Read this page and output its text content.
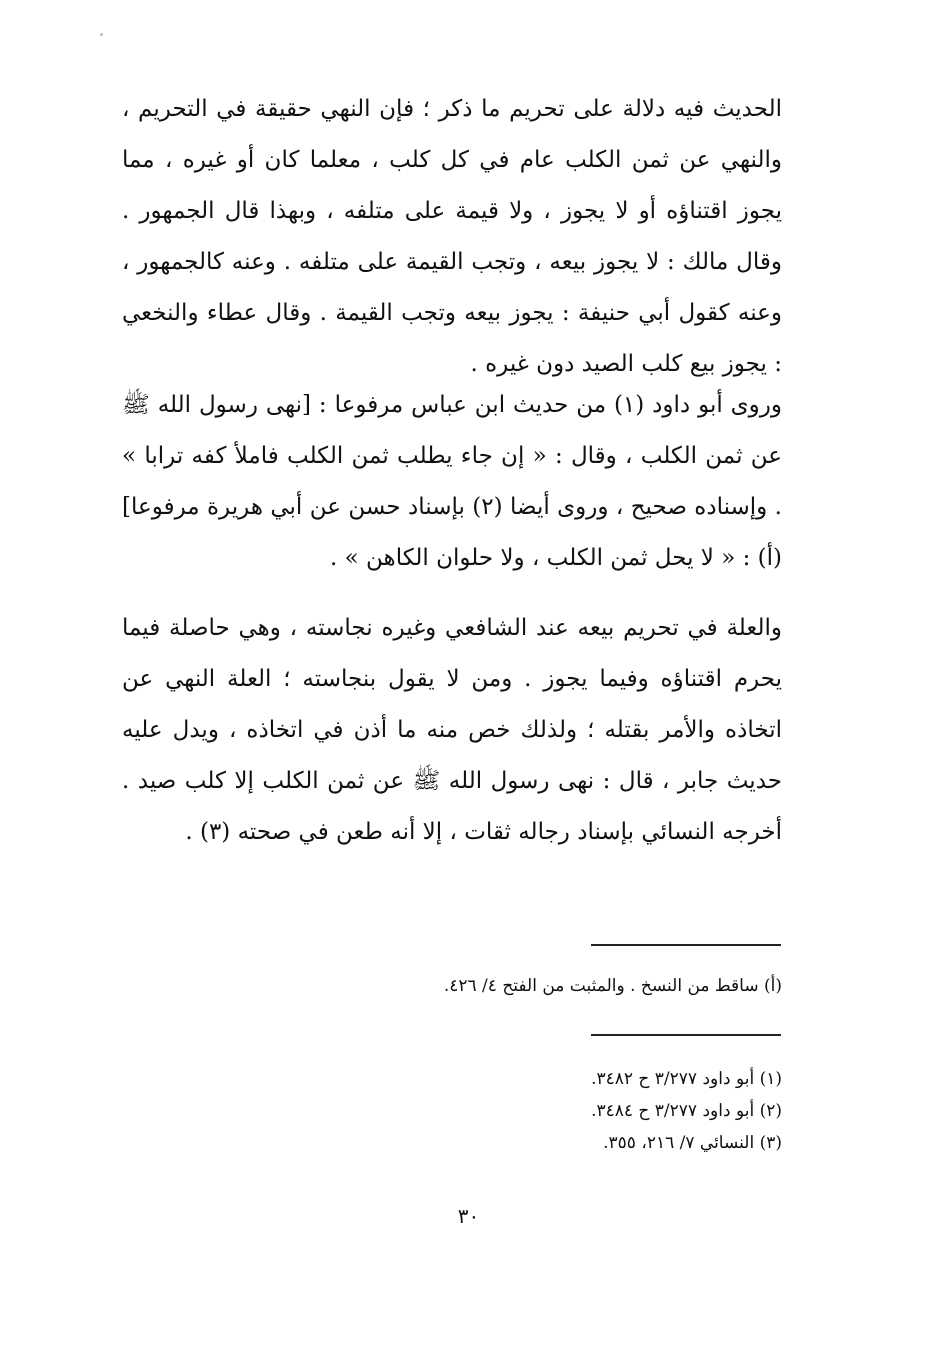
الحديث فيه دلالة على تحريم ما ذكر ؛ فإن النهي حقيقة في التحريم ، والنهي عن ثمن الكلب عام في كل كلب ، معلما كان أو غيره ، مما يجوز اقتناؤه أو لا يجوز ، ولا قيمة على متلفه ، وبهذا قال الجمهور . وقال مالك : لا يجوز بيعه ، وتجب القيمة على متلفه . وعنه كالجمهور ، وعنه كقول أبي حنيفة : يجوز بيعه وتجب القيمة . وقال عطاء والنخعي : يجوز بيع كلب الصيد دون غيره .

وروى أبو داود (١) من حديث ابن عباس مرفوعا : [نهى رسول الله ﷺ عن ثمن الكلب ، وقال : « إن جاء يطلب ثمن الكلب فاملأ كفه ترابا » . وإسناده صحيح ، وروى أيضا (٢) بإسناد حسن عن أبي هريرة مرفوعا] (أ) : « لا يحل ثمن الكلب ، ولا حلوان الكاهن » .

والعلة في تحريم بيعه عند الشافعي وغيره نجاسته ، وهي حاصلة فيما يحرم اقتناؤه وفيما يجوز . ومن لا يقول بنجاسته ؛ العلة النهي عن اتخاذه والأمر بقتله ؛ ولذلك خص منه ما أذن في اتخاذه ، ويدل عليه حديث جابر ، قال : نهى رسول الله ﷺ عن ثمن الكلب إلا كلب صيد . أخرجه النسائي بإسناد رجاله ثقات ، إلا أنه طعن في صحته (٣) .

(أ) ساقط من النسخ . والمثبت من الفتح ٤/ ٤٢٦.
(١) أبو داود ٣/٢٧٧ ح ٣٤٨٢.
(٢) أبو داود ٣/٢٧٧ ح ٣٤٨٤.
(٣) النسائي ٧/ ٢١٦، ٣٥٥.
٣٠
